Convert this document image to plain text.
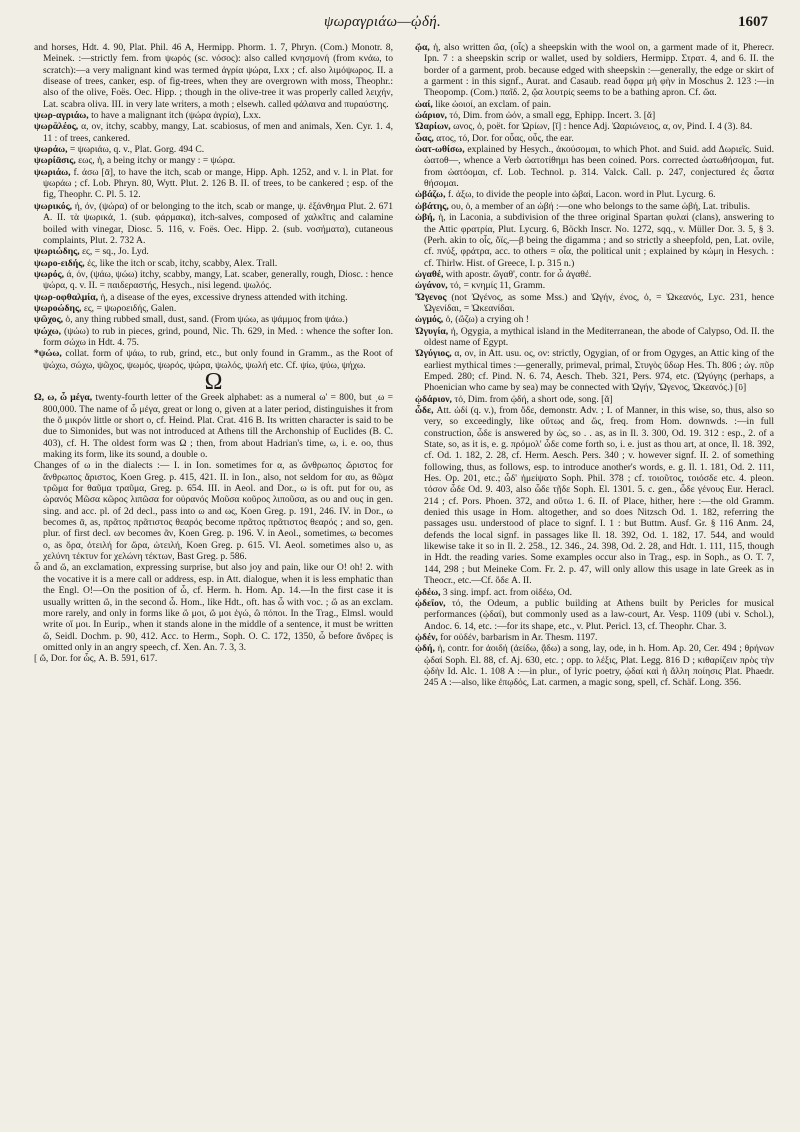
ψωραγριάω—ᾠδή.	1607

and horses, Hdt. 4. 90, Plat. Phil. 46 A, Hermipp. Phorm. 1. 7, Phryn. (Com.) Monotr. 8, Meinek. :—strictly fem. from ψωρός (sc. νόσος): also called κνησμονή (from κνάω, to scratch):—a very malignant kind was termed ἀγρία ψώρα, Lxx ; cf. also λιμόψωρος. II. a disease of trees, canker, esp. of fig-trees, when they are overgrown with moss, Theophr.: also of the olive, Foës. Oec. Hipp. ; though in the olive-tree it was properly called λειχήν, Lat. scabra oliva. III. in very late writers, a moth ; elsewh. called φάλαινα and πυραύστης.

ψωρ-αγριάω, to have a malignant itch (ψώρα ἀγρία), Lxx.

ψωρᾰλέος, α, ον, itchy, scabby, mangy, Lat. scabiosus, of men and animals, Xen. Cyr. 1. 4, 11 : of trees, cankered.

ψωράω, = ψωριάω, q. v., Plat. Gorg. 494 C.

ψωρίᾱσις, εως, ἡ, a being itchy or mangy : = ψώρα.

ψωριάω, f. άσω [ᾱ], to have the itch, scab or mange, Hipp. Aph. 1252, and v. l. in Plat. for ψωράω ; cf. Lob. Phryn. 80, Wytt. Plut. 2. 126 B. II. of trees, to be cankered ; esp. of the fig, Theophr. C. Pl. 5. 12.

ψωρικός, ή, όν, (ψώρα) of or belonging to the itch, scab or mange, ψ. ἐξάνθημα Plut. 2. 671 A. II. τὰ ψωρικά, 1. (sub. φάρμακα), itch-salves, composed of χαλκῖτις and calamine boiled with vinegar, Diosc. 5. 116, v. Foës. Oec. Hipp. 2. (sub. νοσήματα), cutaneous complaints, Plut. 2. 732 A.

ψωριώδης, ες, = sq., Jo. Lyd.

ψωρο-ειδής, ές, like the itch or scab, itchy, scabby, Alex. Trall.

ψωρός, ά, όν, (ψάω, ψώω) itchy, scabby, mangy, Lat. scaber, generally, rough, Diosc. : hence ψώρα, q. v. II. = παιδεραστής, Hesych., nisi legend. ψωλός.

ψωρ-οφθαλμία, ἡ, a disease of the eyes, excessive dryness attended with itching.

ψωροώδης, ες, = ψωροειδής, Galen.

ψῶχος, ὁ, any thing rubbed small, dust, sand. (From ψώω, as ψάμμος from ψάω.)

ψώχω, (ψώω) to rub in pieces, grind, pound, Nic. Th. 629, in Med. : whence the softer Ion. form σώχω in Hdt. 4. 75.

*ψώω, collat. form of ψάω, to rub, grind, etc., but only found in Gramm., as the Root of ψώχω, σώχω, ψῶχος, ψωμός, ψωρός, ψώρα, ψωλός, ψωλή etc. Cf. ψίω, ψύω, ψήχω.

Ω

Ω, ω, ὦ μέγα, twenty-fourth letter of the Greek alphabet: as a numeral ω' = 800, but ͵ω = 800,000. The name of ὦ μέγα, great or long o, given at a later period, distinguishes it from the ὂ μικρόν little or short o, cf. Heind. Plat. Crat. 416 B. Its written character is said to be due to Simonides, but was not introduced at Athens till the Archonship of Euclides (B. C. 403), cf. H. The oldest form was Ω ; then, from about Hadrian's time, ω, i. e. oo, thus making its form, like its sound, a double o.

Changes of ω in the dialects :— I. in Ion. sometimes for α, as ὤνθρωπος ὥριστος for ἄνθρωπος ἄριστος, Koen Greg. p. 415, 421. II. in Ion., also, not seldom for αυ, as θῶμα τρῶμα for θαῦμα τραῦμα, Greg. p. 654. III. in Aeol. and Dor., ω is oft. put for ου, as ὠρανός Μῶσα κῶρος λιπῶσα for οὐρανός Μοῦσα κοῦρος λιποῦσα, as ου and ους in gen. sing. and acc. pl. of 2d decl., pass into ω and ως, Koen Greg. p. 191, 246. IV. in Dor., ω becomes ᾱ, as, πρᾶτος πρᾶτιστος θεαρός become πρᾶτος πρᾶτιστος θεαρός ; and so, gen. plur. of first decl. ων becomes ᾶν, Koen Greg. p. 196. V. in Aeol., sometimes, ω becomes ο, as ὄρα, ὀτειλή for ὥρα, ὠτειλή, Koen Greg. p. 615. VI. Aeol. sometimes also υ, as χελύνη τέκτυν for χελώνη τέκτων, Bast Greg. p. 586.

ὦ and ὤ, an exclamation, expressing surprise, but also joy and pain, like our O! oh! 2. with the vocative it is a mere call or address, esp. in Att. dialogue, when it is less emphatic than the Engl. O!—On the position of ὦ, cf. Herm. h. Hom. Ap. 14.—In the first case it is usually written ὤ, in the second ὦ. Hom., like Hdt., oft. has ὦ with voc. ; ὤ as an exclam. more rarely, and only in forms like ὤ μοι, ὤ μοι ἐγώ, ὢ πόποι. In the Trag., Elmsl. would write οἴ μοι. In Eurip., when it stands alone in the middle of a sentence, it must be written ὤ, Seidl. Dochm. p. 90, 412. Acc. to Herm., Soph. O. C. 172, 1350, ὦ before ἄνδρες is omitted only in an angry speech, cf. Xen. An. 7. 3, 3.

[ ὤ, Dor. for ὧς, A. B. 591, 617.

ᾤα, ἡ, also written ὤα, (οἶς) a sheepskin with the wool on, a garment made of it, Pherecr. Ipn. 7 : a sheepskin scrip or wallet, used by soldiers, Hermipp. Στρατ. 4, and 6. II. the border of a garment, prob. because edged with sheepskin :—generally, the edge or skirt of a garment : in this signf., Aurat. and Casaub. read ὄφρα μὴ φὴν in Moschus 2. 123 :—in Theopomp. (Com.) παῖδ. 2, ᾤα λουτρίς seems to be a bathing apron. Cf. ὤα.

ὠαί, like ὠοιοί, an exclam. of pain.

ὠάριον, τό, Dim. from ὠόν, a small egg, Ephipp. Incert. 3. [ᾰ]

Ὠαρίων, ωνος, ὁ, poët. for Ὠρίων, [ῐ] : hence Adj. Ὠαριώνειος, α, ον, Pind. I. 4 (3). 84.

ὦας, ατος, τό, Dor. for οὖας, οὖς, the ear.

ὠατ-ωθίσω, explained by Hesych., ἀκούσομαι, to which Phot. and Suid. add Δωριεῖς. Suid. ὠατοθ—, whence a Verb ὠατοτίθημι has been coined. Pors. corrected ὠατωθήσομαι, fut. from ὠατόομαι, cf. Lob. Technol. p. 314. Valck. Call. p. 247, conjectured ἐς ὦατα θήσομαι.

ὠβάζω, f. άξω, to divide the people into ὠβαί, Lacon. word in Plut. Lycurg. 6.

ὠβάτης, ου, ὁ, a member of an ὠβή :—one who belongs to the same ὠβή, Lat. tribulis.

ὠβή, ἡ, in Laconia, a subdivision of the three original Spartan φυλαί (clans), answering to the Attic φρατρία, Plut. Lycurg. 6, Böckh Inscr. No. 1272, sqq., v. Müller Dor. 3. 5, § 3. (Perh. akin to οἶς, ὄϊς,—β being the digamma ; and so strictly a sheepfold, pen, Lat. ovile, cf. πνύξ, φράτρα, acc. to others = οἶα, the political unit ; explained by κώμη in Hesych. : cf. Thirlw. Hist. of Greece, I. p. 315 n.)

ὠγαθέ, with apostr. ὤγαθ', contr. for ὦ ἀγαθέ.

ὠγάνον, τό, = κνημίς 11, Gramm.

Ὤγενος (not Ὠγένος, as some Mss.) and Ὠγήν, ένος, ὁ, = Ὠκεανός, Lyc. 231, hence Ὠγενίδαι, = Ὠκεανίδαι.

ὠγμός, ὁ, (ὤζω) a crying oh !

Ὠγυγία, ἡ, Ogygia, a mythical island in the Mediterranean, the abode of Calypso, Od. II. the oldest name of Egypt.

Ὠγύγιος, α, ον, in Att. usu. ος, ον: strictly, Ogygian, of or from Ogyges, an Attic king of the earliest mythical times :—generally, primeval, primal, Στυγὸς ὕδωρ Hes. Th. 806 ; ὠγ. πῦρ Emped. 280; cf. Pind. N. 6. 74, Aesch. Theb. 321, Pers. 974, etc. (Ὠγύγης (perhaps, a Phoenician who came by sea) may be connected with Ὠγήν, Ὤγενος, Ὠκεανός.) [ῡ]

ᾠδάριον, τό, Dim. from ᾠδή, a short ode, song. [ᾰ]

ὧδε, Att. ὡδί (q. v.), from ὅδε, demonstr. Adv. ; I. of Manner, in this wise, so, thus, also so very, so exceedingly, like οὕτως and ὥς, freq. from Hom. downwds. :—in full construction, ὧδε is answered by ὡς, so . . as, as in Il. 3. 300, Od. 19. 312 : esp., 2. of a State, so, as it is, e. g. πρόμολ' ὧδε come forth so, i. e. just as thou art, at once, Il. 18. 392, cf. Od. 1. 182, 2. 28, cf. Herm. Aesch. Pers. 340 ; v. however signf. II. 2. of something following, thus, as follows, esp. to introduce another's words, e. g. Il. 1. 181, Od. 2. 111, Hes. Op. 201, etc.; ὧδ' ἠμείψατο Soph. Phil. 378 ; cf. τοιοῦτος, τοιόσδε etc. 4. pleon. τόσον ὧδε Od. 9. 403, also ὧδε τῇδε Soph. El. 1301. 5. c. gen., ὧδε γένους Eur. Heracl. 214 ; cf. Pors. Phoen. 372, and οὕτω 1. 6. II. of Place, hither, here :—the old Gramm. denied this usage in Hom. altogether, and so does Nitzsch Od. 1. 182, referring the passages usu. understood of place to signf. I. 1 : but Buttm. Ausf. Gr. § 116 Anm. 24, defends the local signf. in passages like Il. 18. 392, Od. 1. 182, 17. 544, and would likewise take it so in Il. 2. 258., 12. 346., 24. 398, Od. 2. 28, and Hdt. 1. 111, 115, though in Hdt. the reading varies. Some examples occur also in Trag., esp. in Soph., as O. T. 7, 144, 298 ; but Meineke Com. Fr. 2. p. 47, will only allow this usage in late Greek as in Theocr., etc.—Cf. ὅδε A. II.

ᾠδέω, 3 sing. impf. act. from οἰδέω, Od.

ᾠδεῖον, τό, the Odeum, a public building at Athens built by Pericles for musical performances (ᾠδαί), but commonly used as a law-court, Ar. Vesp. 1109 (ubi v. Schol.), Andoc. 6. 14, etc. :—for its shape, etc., v. Plut. Pericl. 13, cf. Theophr. Char. 3.

ᾠδέν, for οὐδέν, barbarism in Ar. Thesm. 1197.

ᾠδή, ἡ, contr. for ἀοιδή (ἀείδω, ᾄδω) a song, lay, ode, in h. Hom. Ap. 20, Cer. 494 ; θρήνων ᾠδαί Soph. El. 88, cf. Aj. 630, etc. ; opp. to λέξις, Plat. Legg. 816 D ; κιθαρίζειν πρὸς τὴν ᾠδὴν Id. Alc. 1. 108 A :—in plur., of lyric poetry, ᾠδαί καὶ ἡ ἄλλη ποίησις Plat. Phaedr. 245 A :—also, like ἐπῳδός, Lat. carmen, a magic song, spell, cf. Schäf. Long. 356.
